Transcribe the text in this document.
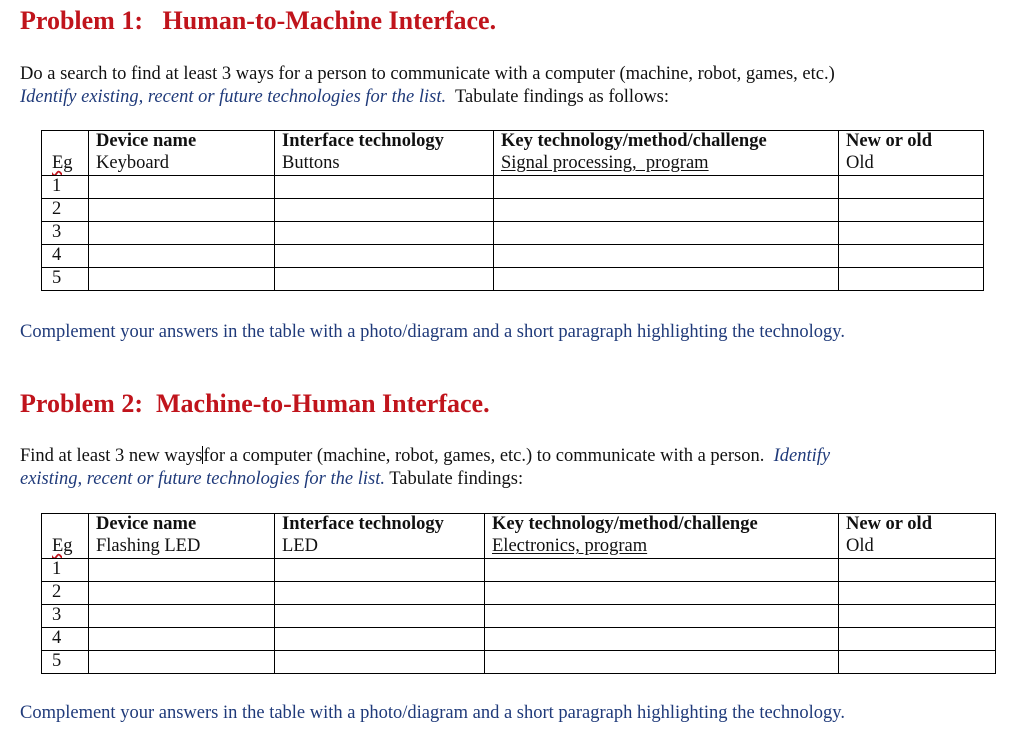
Problem 1:   Human-to-Machine Interface.
Do a search to find at least 3 ways for a person to communicate with a computer (machine, robot, games, etc.)
Identify existing, recent or future technologies for the list.  Tabulate findings as follows:
	Device name	Interface technology	Key technology/method/challenge	New or old
Eg	Keyboard	Buttons	Signal processing,  program	Old
1				
2				
3				
4				
5				
Complement your answers in the table with a photo/diagram and a short paragraph highlighting the technology.
Problem 2:  Machine-to-Human Interface.
Find at least 3 new waysfor a computer (machine, robot, games, etc.) to communicate with a person.  Identify
existing, recent or future technologies for the list. Tabulate findings:
	Device name	Interface technology	Key technology/method/challenge	New or old
Eg	Flashing LED	LED	Electronics, program	Old
1				
2				
3				
4				
5				
Complement your answers in the table with a photo/diagram and a short paragraph highlighting the technology.
